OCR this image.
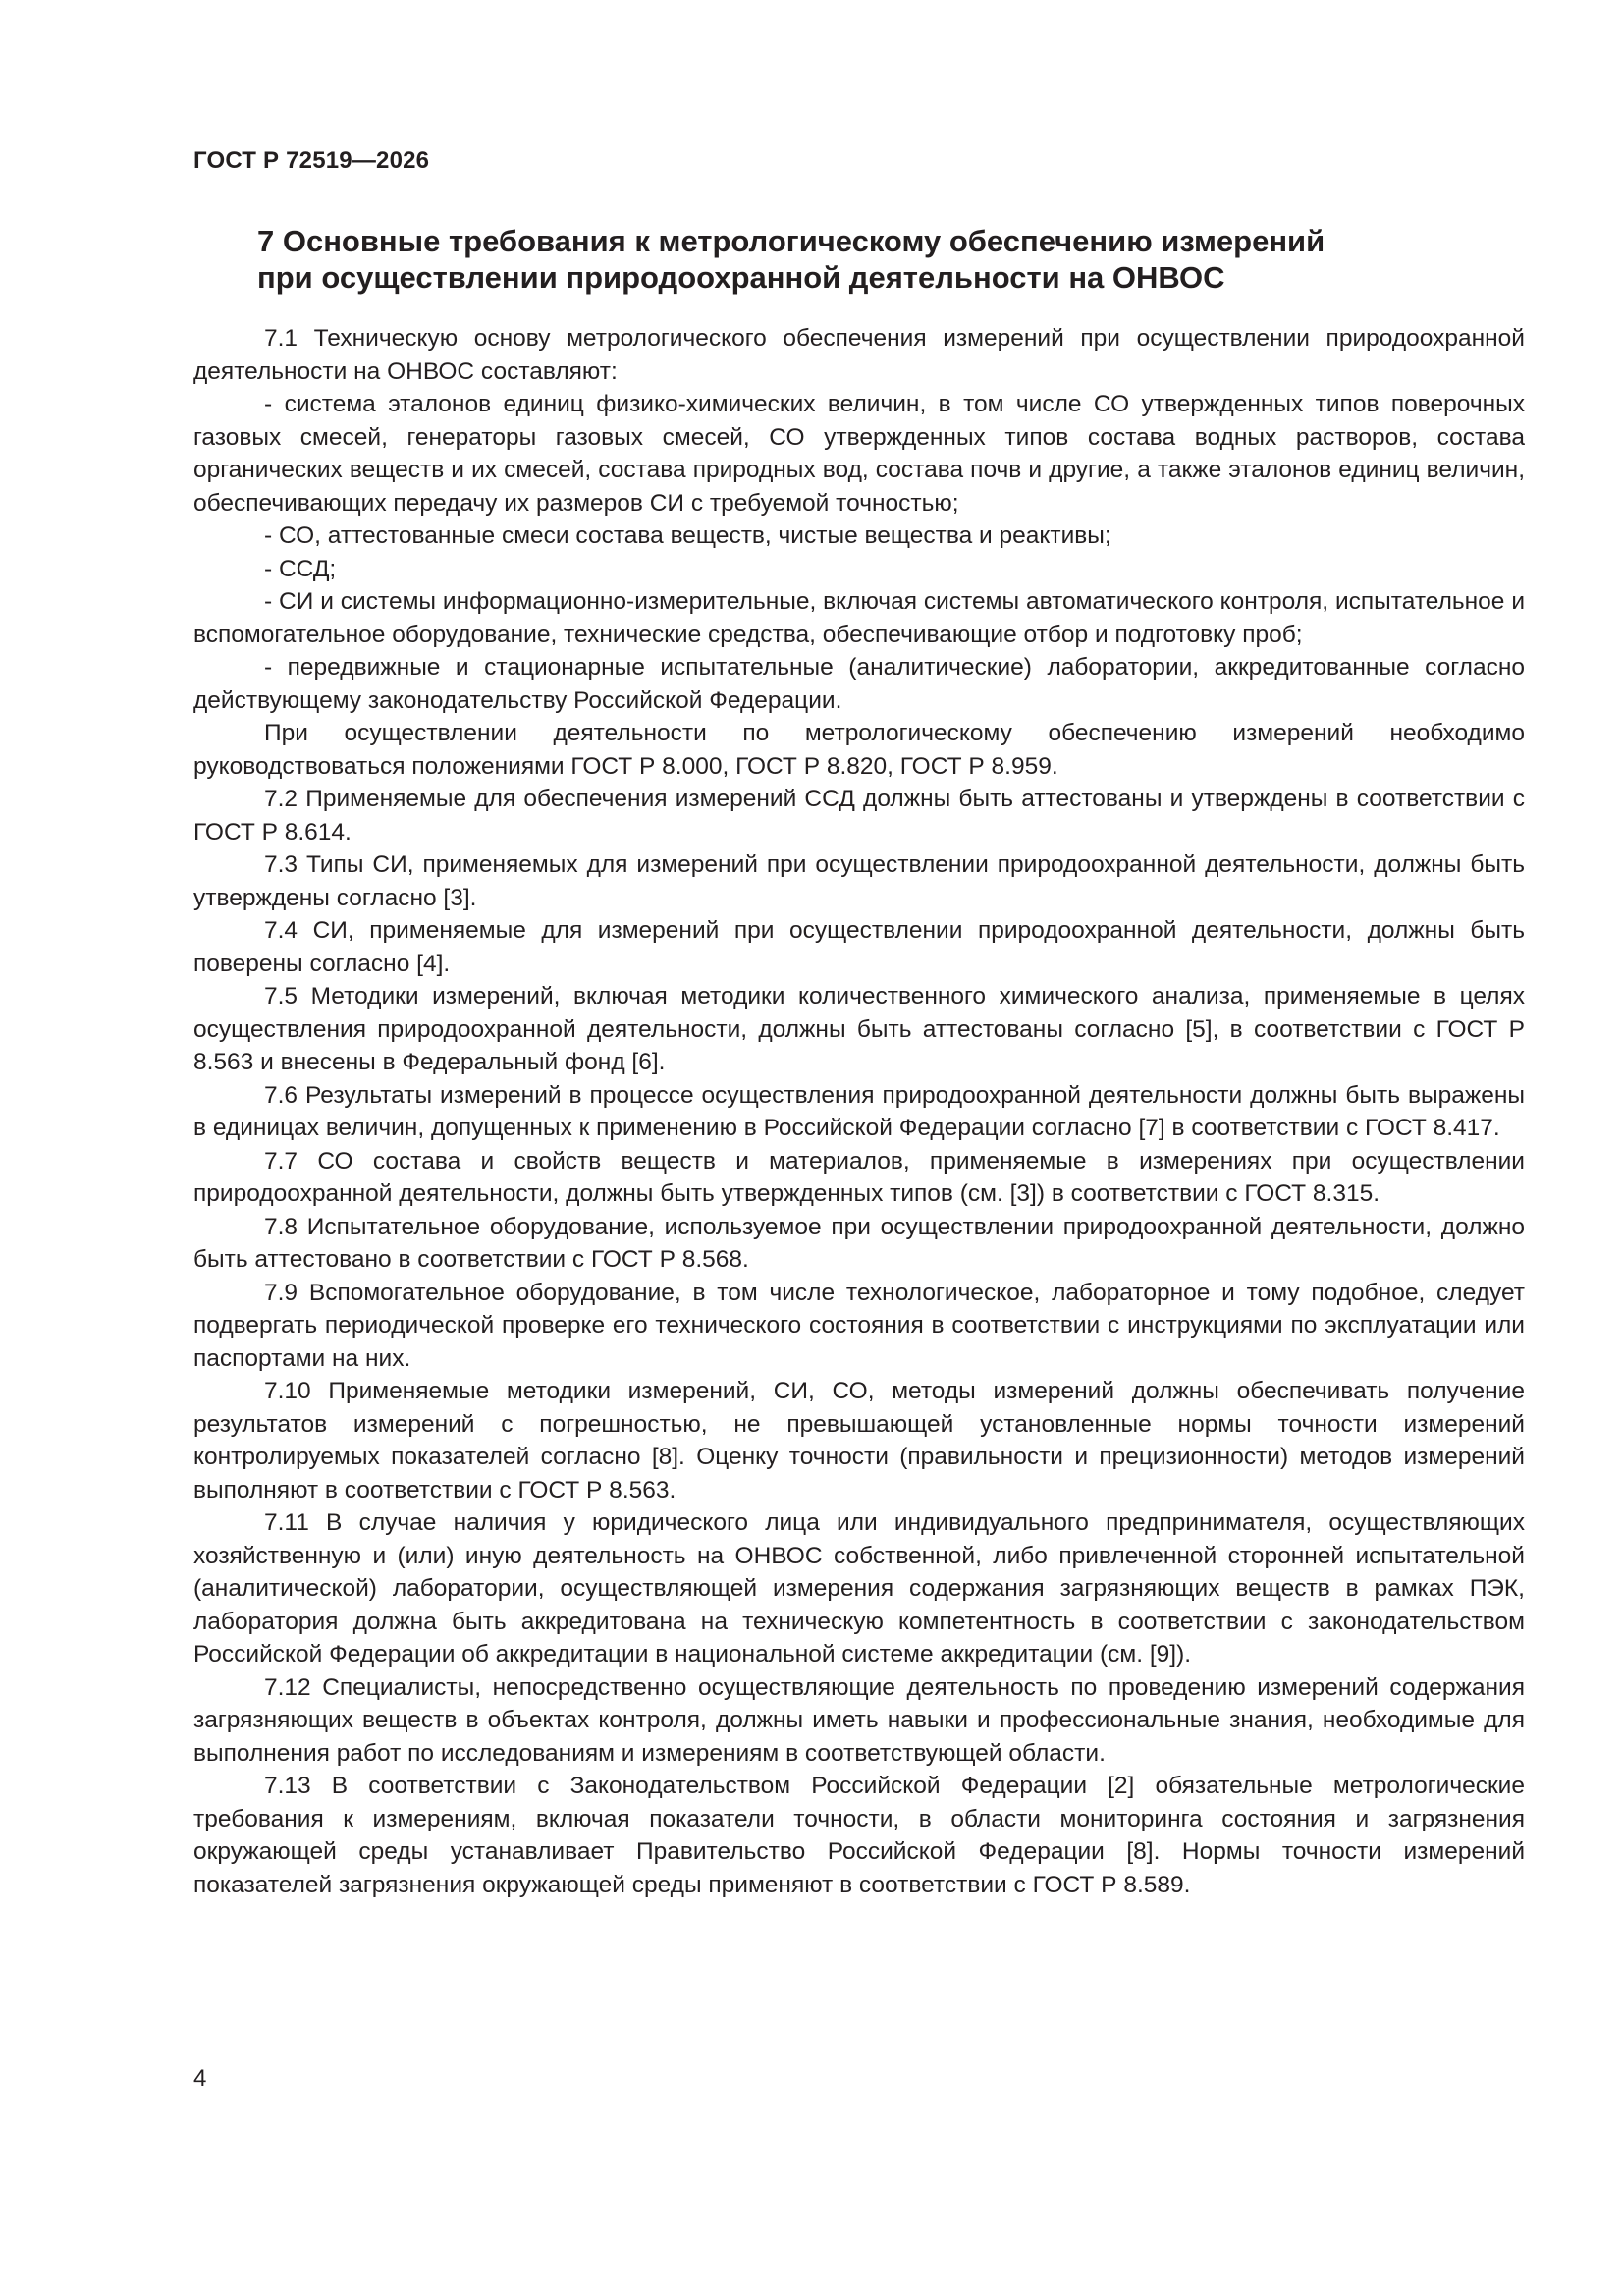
ГОСТ Р 72519—2026
7 Основные требования к метрологическому обеспечению измерений
при осуществлении природоохранной деятельности на ОНВОС

7.1 Техническую основу метрологического обеспечения измерений при осуществлении природоохранной деятельности на ОНВОС составляют:

- система эталонов единиц физико-химических величин, в том числе СО утвержденных типов поверочных газовых смесей, генераторы газовых смесей, СО утвержденных типов состава водных растворов, состава органических веществ и их смесей, состава природных вод, состава почв и другие, а также эталонов единиц величин, обеспечивающих передачу их размеров СИ с требуемой точностью;

- СО, аттестованные смеси состава веществ, чистые вещества и реактивы;

- ССД;

- СИ и системы информационно-измерительные, включая системы автоматического контроля, испытательное и вспомогательное оборудование, технические средства, обеспечивающие отбор и подготовку проб;

- передвижные и стационарные испытательные (аналитические) лаборатории, аккредитованные согласно действующему законодательству Российской Федерации.

При осуществлении деятельности по метрологическому обеспечению измерений необходимо руководствоваться положениями ГОСТ Р 8.000, ГОСТ Р 8.820, ГОСТ Р 8.959.

7.2 Применяемые для обеспечения измерений ССД должны быть аттестованы и утверждены в соответствии с ГОСТ Р 8.614.

7.3 Типы СИ, применяемых для измерений при осуществлении природоохранной деятельности, должны быть утверждены согласно [3].

7.4 СИ, применяемые для измерений при осуществлении природоохранной деятельности, должны быть поверены согласно [4].

7.5 Методики измерений, включая методики количественного химического анализа, применяемые в целях осуществления природоохранной деятельности, должны быть аттестованы согласно [5], в соответствии с ГОСТ Р 8.563 и внесены в Федеральный фонд [6].

7.6 Результаты измерений в процессе осуществления природоохранной деятельности должны быть выражены в единицах величин, допущенных к применению в Российской Федерации согласно [7] в соответствии с ГОСТ 8.417.

7.7 СО состава и свойств веществ и материалов, применяемые в измерениях при осуществлении природоохранной деятельности, должны быть утвержденных типов (см. [3]) в соответствии с ГОСТ 8.315.

7.8 Испытательное оборудование, используемое при осуществлении природоохранной деятельности, должно быть аттестовано в соответствии с ГОСТ Р 8.568.

7.9 Вспомогательное оборудование, в том числе технологическое, лабораторное и тому подобное, следует подвергать периодической проверке его технического состояния в соответствии с инструкциями по эксплуатации или паспортами на них.

7.10 Применяемые методики измерений, СИ, СО, методы измерений должны обеспечивать получение результатов измерений с погрешностью, не превышающей установленные нормы точности измерений контролируемых показателей согласно [8]. Оценку точности (правильности и прецизионности) методов измерений выполняют в соответствии с ГОСТ Р 8.563.

7.11 В случае наличия у юридического лица или индивидуального предпринимателя, осуществляющих хозяйственную и (или) иную деятельность на ОНВОС собственной, либо привлеченной сторонней испытательной (аналитической) лаборатории, осуществляющей измерения содержания загрязняющих веществ в рамках ПЭК, лаборатория должна быть аккредитована на техническую компетентность в соответствии с законодательством Российской Федерации об аккредитации в национальной системе аккредитации (см. [9]).

7.12 Специалисты, непосредственно осуществляющие деятельность по проведению измерений содержания загрязняющих веществ в объектах контроля, должны иметь навыки и профессиональные знания, необходимые для выполнения работ по исследованиям и измерениям в соответствующей области.

7.13 В соответствии с Законодательством Российской Федерации [2] обязательные метрологические требования к измерениям, включая показатели точности, в области мониторинга состояния и загрязнения окружающей среды устанавливает Правительство Российской Федерации [8]. Нормы точности измерений показателей загрязнения окружающей среды применяют в соответствии с ГОСТ Р 8.589.

4
